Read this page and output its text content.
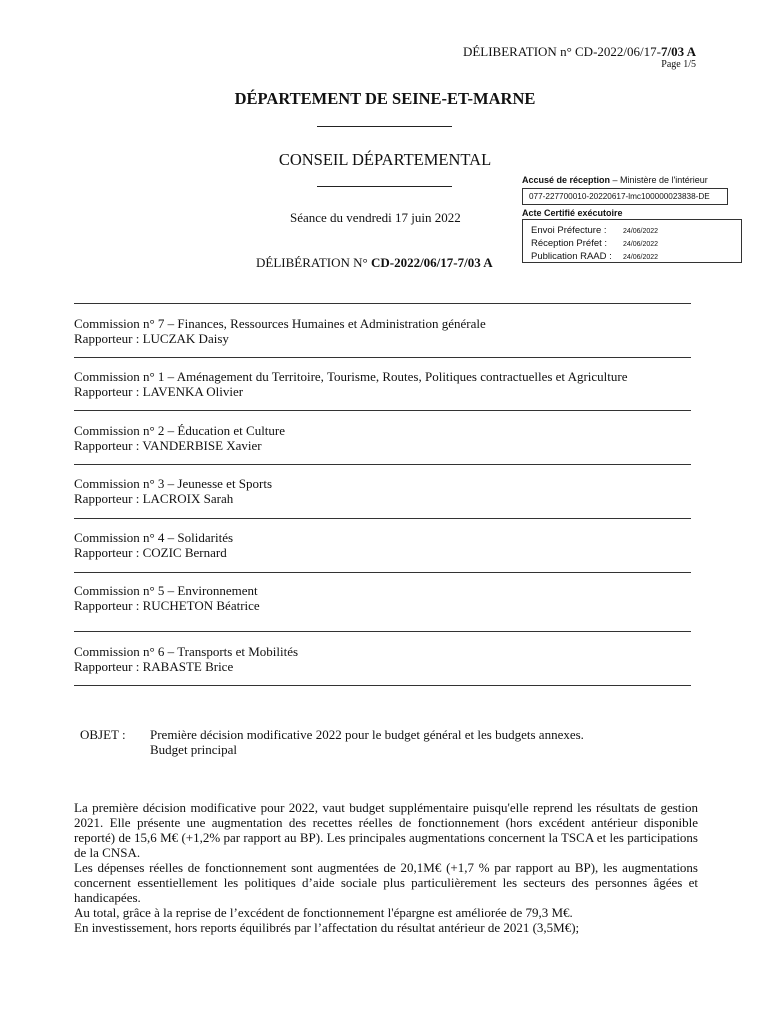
DÉLIBERATION n° CD-2022/06/17-7/03 A
Page 1/5
DÉPARTEMENT DE SEINE-ET-MARNE
CONSEIL DÉPARTEMENTAL
Séance du vendredi 17 juin 2022
DÉLIBÉRATION N° CD-2022/06/17-7/03 A
Accusé de réception – Ministère de l'intérieur
077-227700010-20220617-lmc100000023838-DE
Acte Certifié exécutoire
Envoi Préfecture :	24/06/2022
Réception Préfet :	24/06/2022
Publication RAAD :	24/06/2022
Commission n° 7 – Finances, Ressources Humaines et Administration générale
Rapporteur : LUCZAK Daisy
Commission n° 1 – Aménagement du Territoire, Tourisme, Routes, Politiques contractuelles et Agriculture
Rapporteur : LAVENKA Olivier
Commission n° 2 – Éducation et Culture
Rapporteur : VANDERBISE Xavier
Commission n° 3 – Jeunesse et Sports
Rapporteur : LACROIX Sarah
Commission n° 4 – Solidarités
Rapporteur : COZIC Bernard
Commission n° 5 – Environnement
Rapporteur : RUCHETON Béatrice
Commission n° 6 – Transports et Mobilités
Rapporteur : RABASTE Brice
OBJET : Première décision modificative 2022 pour le budget général et les budgets annexes.
Budget principal

La première décision modificative pour 2022, vaut budget supplémentaire puisqu'elle reprend les résultats de gestion 2021. Elle présente une augmentation des recettes réelles de fonctionnement (hors excédent antérieur disponible reporté) de 15,6 M€ (+1,2% par rapport au BP). Les principales augmentations concernent la TSCA et les participations de la CNSA.

Les dépenses réelles de fonctionnement sont augmentées de 20,1M€ (+1,7 % par rapport au BP), les augmentations concernent essentiellement les politiques d’aide sociale plus particulièrement les secteurs des personnes âgées et handicapées.

Au total, grâce à la reprise de l’excédent de fonctionnement l'épargne est améliorée de 79,3 M€.

En investissement, hors reports équilibrés par l’affectation du résultat antérieur de 2021 (3,5M€);
